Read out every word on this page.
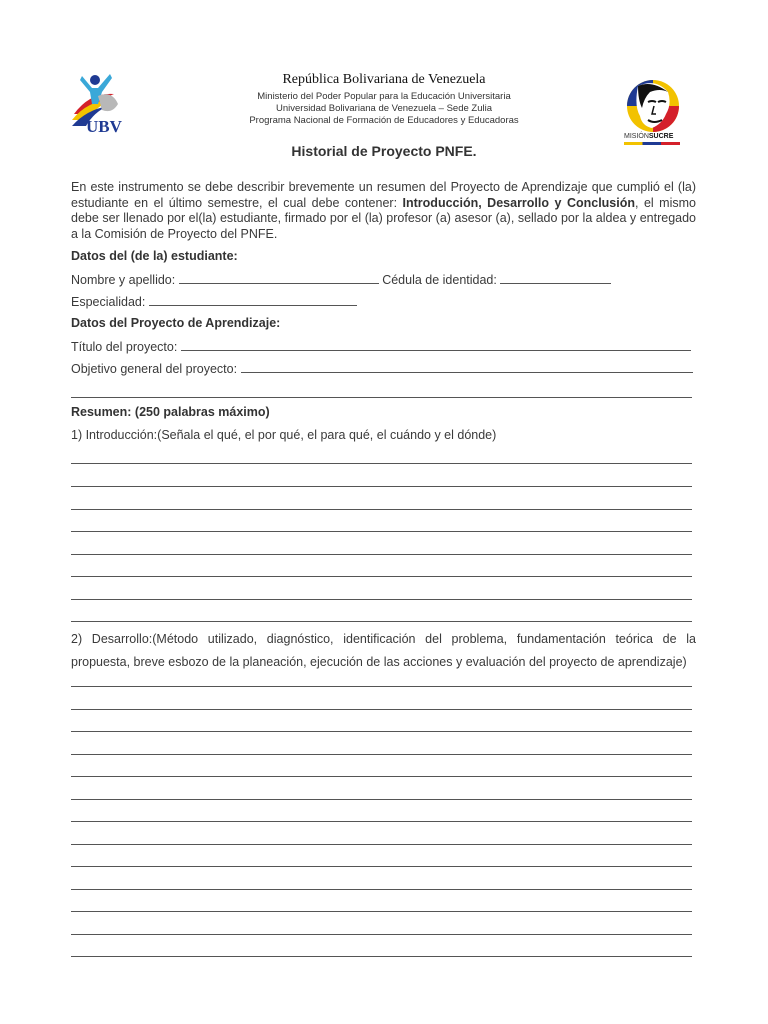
UBV
República Bolivariana de Venezuela
Ministerio del Poder Popular para la Educación Universitaria
Universidad Bolivariana de Venezuela – Sede Zulia
Programa Nacional de Formación de Educadores y Educadoras
MISIÓNSUCRE
Historial de Proyecto PNFE.
En este instrumento se debe describir brevemente un resumen del Proyecto de Aprendizaje que cumplió el (la) estudiante en el último semestre, el cual debe contener: Introducción, Desarrollo y Conclusión, el mismo debe ser llenado por el(la) estudiante, firmado por el (la) profesor (a) asesor (a), sellado por la aldea y entregado a la Comisión de Proyecto del PNFE.
Datos del (de la) estudiante:
Nombre y apellido:	Cédula de identidad:
Especialidad:
Datos del Proyecto de Aprendizaje:
Título del proyecto:
Objetivo general del proyecto:
Resumen: (250 palabras máximo)
1) Introducción:(Señala el qué, el por qué, el para qué, el cuándo y el dónde)
2) Desarrollo:(Método utilizado, diagnóstico, identificación del problema, fundamentación teórica de la propuesta, breve esbozo de la planeación, ejecución de las acciones y evaluación del proyecto de aprendizaje)
